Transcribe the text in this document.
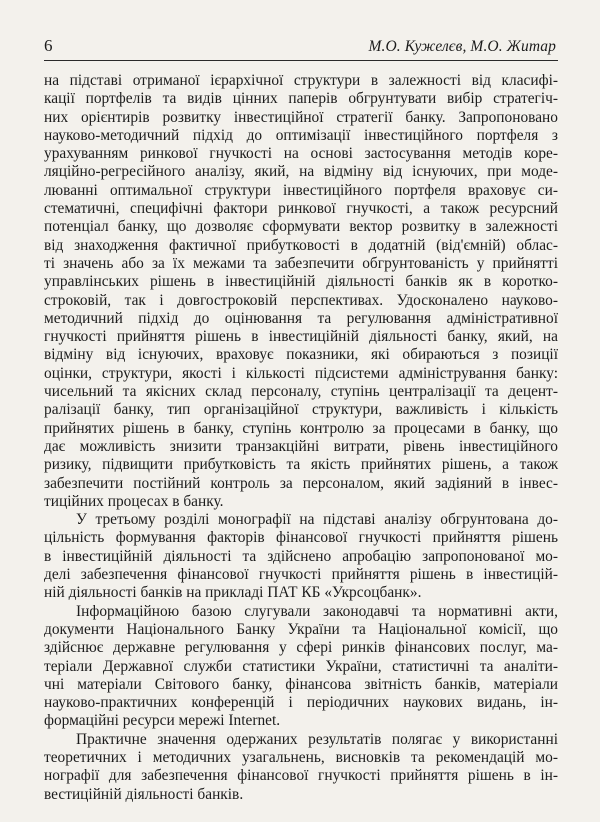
6	М.О. Кужелєв, М.О. Житар
на підставі отриманої ієрархічної структури в залежності від класифі-
кації портфелів та видів цінних паперів обгрунтувати вибір стратегіч-
них орієнтирів розвитку інвестиційної стратегії банку. Запропоновано
науково-методичний підхід до оптимізації інвестиційного портфеля з
урахуванням ринкової гнучкості на основі застосування методів коре-
ляційно-регресійного аналізу, який, на відміну від існуючих, при моде-
люванні оптимальної структури інвестиційного портфеля враховує си-
стематичні, специфічні фактори ринкової гнучкості, а також ресурсний
потенціал банку, що дозволяє сформувати вектор розвитку в залежності
від знаходження фактичної прибутковості в додатній (від'ємній) облас-
ті значень або за їх межами та забезпечити обгрунтованість у прийнятті
управлінських рішень в інвестиційній діяльності банків як в коротко-
строковій, так і довгостроковій перспективах. Удосконалено науково-
методичний підхід до оцінювання та регулювання адміністративної
гнучкості прийняття рішень в інвестиційній діяльності банку, який, на
відміну від існуючих, враховує показники, які обираються з позиції
оцінки, структури, якості і кількості підсистеми адміністрування банку:
чисельний та якісних склад персоналу, ступінь централізації та децент-
ралізації банку, тип організаційної структури, важливість і кількість
прийнятих рішень в банку, ступінь контролю за процесами в банку, що
дає можливість знизити транзакційні витрати, рівень інвестиційного
ризику, підвищити прибутковість та якість прийнятих рішень, а також
забезпечити постійний контроль за персоналом, який задіяний в інвес-
тиційних процесах в банку.
У третьому розділі монографії на підставі аналізу обгрунтована до-
цільність формування факторів фінансової гнучкості прийняття рішень
в інвестиційній діяльності та здійснено апробацію запропонованої мо-
делі забезпечення фінансової гнучкості прийняття рішень в інвестицій-
ній діяльності банків на прикладі ПАТ КБ «Укрсоцбанк».
Інформаційною базою слугували законодавчі та нормативні акти,
документи Національного Банку України та Національної комісії, що
здійснює державне регулювання у сфері ринків фінансових послуг, ма-
теріали Державної служби статистики України, статистичні та аналіти-
чні матеріали Світового банку, фінансова звітність банків, матеріали
науково-практичних конференцій і періодичних наукових видань, ін-
формаційні ресурси мережі Internet.
Практичне значення одержаних результатів полягає у використанні
теоретичних і методичних узагальнень, висновків та рекомендацій мо-
нографії для забезпечення фінансової гнучкості прийняття рішень в ін-
вестиційній діяльності банків.
